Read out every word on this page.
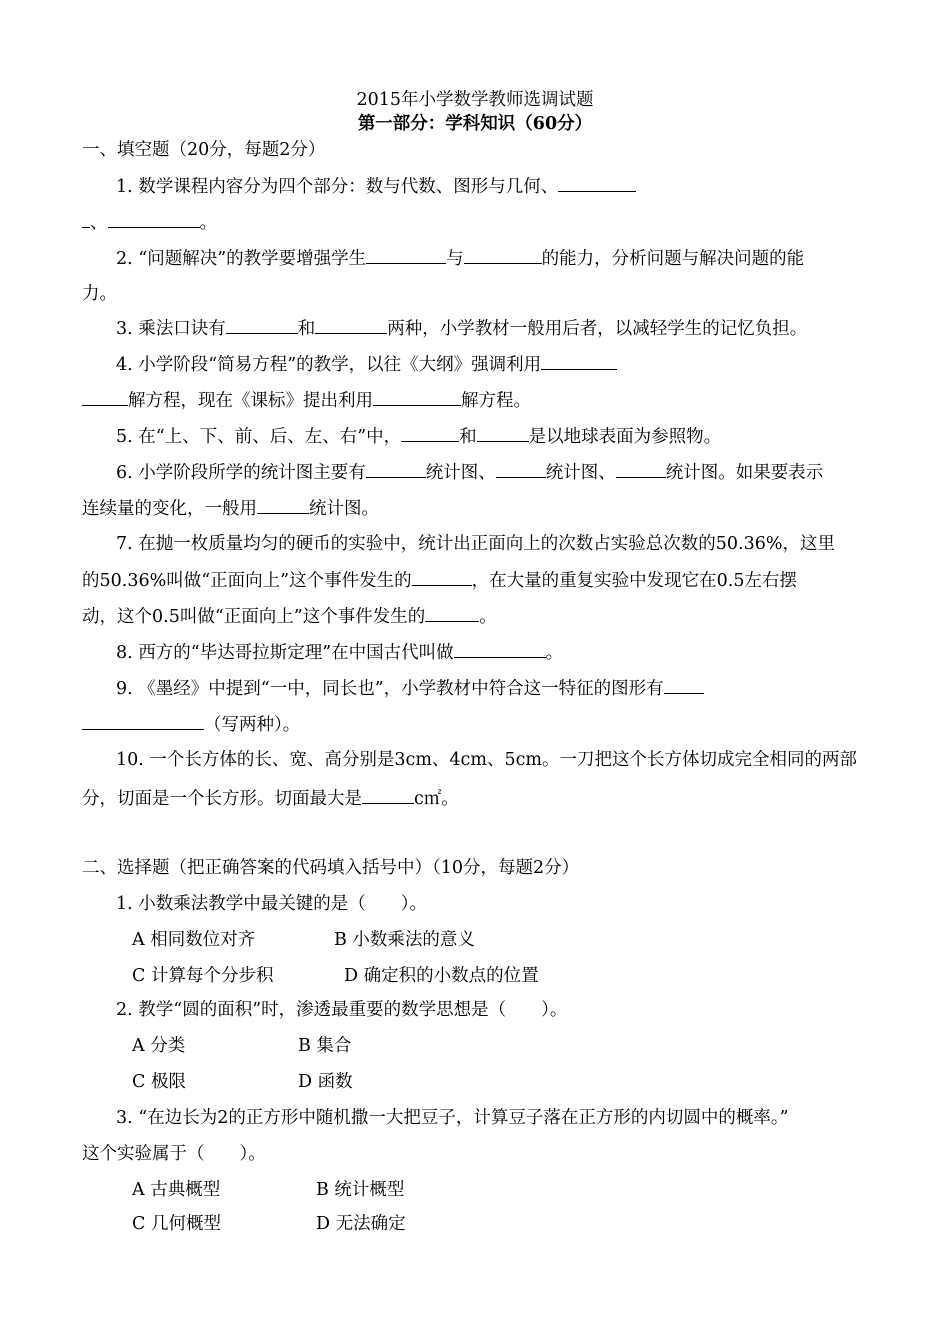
2015年小学数学教师选调试题
第一部分：学科知识（60分）
一、填空题（20分，每题2分）
1. 数学课程内容分为四个部分：数与代数、图形与几何、
、	。
2. “问题解决”的教学要增强学生	与	的能力，分析问题与解决问题的能
力。
3. 乘法口诀有	和	两种，小学教材一般用后者，以减轻学生的记忆负担。
4. 小学阶段“简易方程”的教学，以往《大纲》强调利用
解方程，现在《课标》提出利用	解方程。
5. 在“上、下、前、后、左、右”中，	和	是以地球表面为参照物。
6. 小学阶段所学的统计图主要有	统计图、	统计图、	统计图。如果要表示
连续量的变化，一般用	统计图。
7. 在抛一枚质量均匀的硬币的实验中，统计出正面向上的次数占实验总次数的50.36%，这里
的50.36%叫做“正面向上”这个事件发生的	，在大量的重复实验中发现它在0.5左右摆
动，这个0.5叫做“正面向上”这个事件发生的	。
8. 西方的“毕达哥拉斯定理”在中国古代叫做	。
9. 《墨经》中提到“一中，同长也”，小学教材中符合这一特征的图形有
（写两种）。
10. 一个长方体的长、宽、高分别是3cm、4cm、5cm。一刀把这个长方体切成完全相同的两部
分，切面是一个长方形。切面最大是	c㎡。
二、选择题（把正确答案的代码填入括号中）（10分，每题2分）
1. 小数乘法教学中最关键的是（　　）。
A 相同数位对齐	B 小数乘法的意义
C 计算每个分步积	D 确定积的小数点的位置
2. 教学“圆的面积”时，渗透最重要的数学思想是（　　）。
A 分类	B 集合
C 极限	D 函数
3. “在边长为2的正方形中随机撒一大把豆子，计算豆子落在正方形的内切圆中的概率。”
这个实验属于（　　）。
A 古典概型	B 统计概型
C 几何概型	D 无法确定
